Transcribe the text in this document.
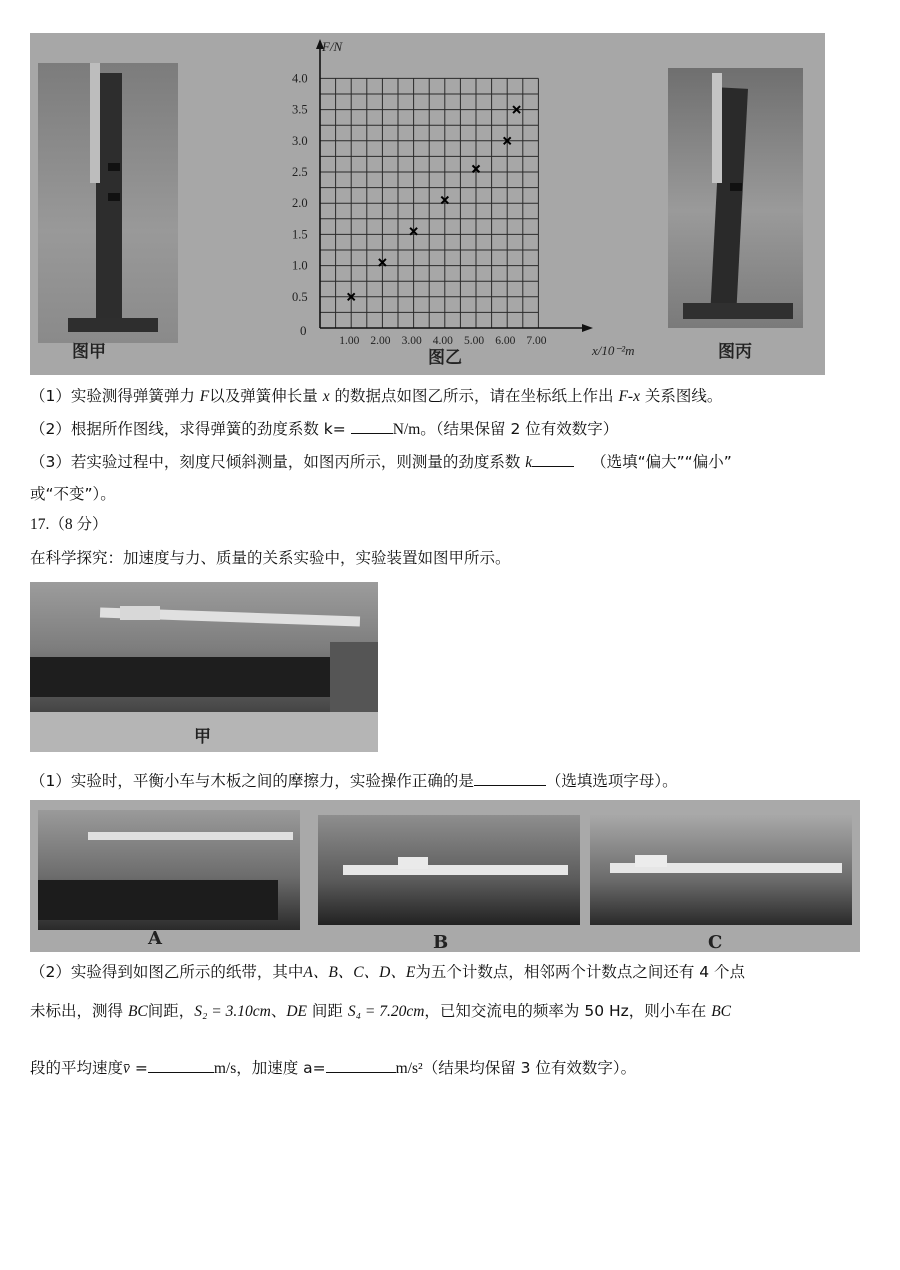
图甲
0.5
1.0
1.5
2.0
2.5
3.0
3.5
4.0
1.00 2.00 3.00 4.00 5.00 6.00 7.00
F/N
x/10⁻²m
0
图乙	图丙
（1）实验测得弹簧弹力 F以及弹簧伸长量 x 的数据点如图乙所示，请在坐标纸上作出 F-x 关系图线。
（2）根据所作图线，求得弹簧的劲度系数 k=	N/m。（结果保留 2 位有效数字）
（3）若实验过程中，刻度尺倾斜测量，如图丙所示，则测量的劲度系数 k	（选填“偏大”“偏小”
或“不变”）。
17.（8 分）
在科学探究：加速度与力、质量的关系实验中，实验装置如图甲所示。
甲
（1）实验时，平衡小车与木板之间的摩擦力，实验操作正确的是	（选填选项字母）。
A	B	C
（2）实验得到如图乙所示的纸带，其中A、B、C、D、E为五个计数点，相邻两个计数点之间还有 4 个点
未标出，测得 BC间距，S₂ = 3.10cm、DE 间距 S₄ = 7.20cm，已知交流电的频率为 50 Hz，则小车在 BC
段的平均速度v̄ =	m/s，加速度 a=	m/s²（结果均保留 3 位有效数字）。
